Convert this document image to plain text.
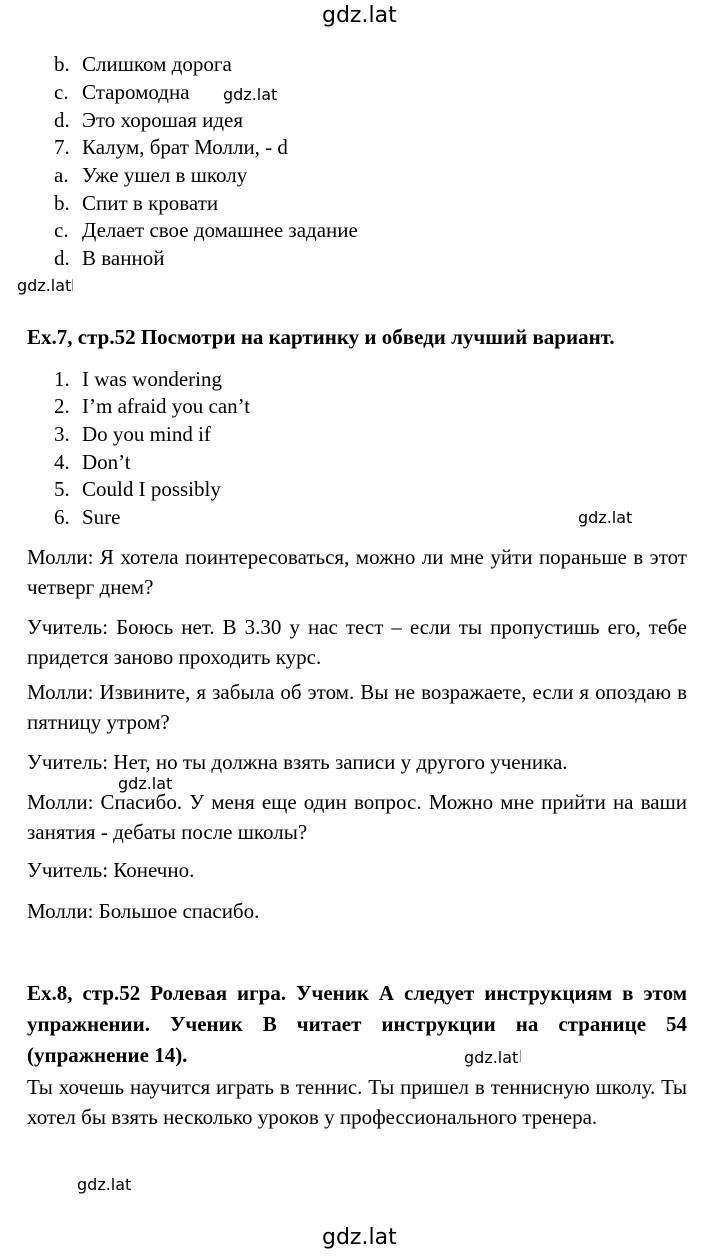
gdz.lat
b. Слишком дорога
c. Старомодна
d. Это хорошая идея
7. Калум, брат Молли, - d
a. Уже ушел в школу
b. Спит в кровати
c. Делает свое домашнее задание
d. В ванной
gdz.lat
gdz.lat
Ex.7, стр.52 Посмотри на картинку и обведи лучший вариант.
1. I was wondering
2. I’m afraid you can’t
3. Do you mind if
4. Don’t
5. Could I possibly
6. Sure	gdz.lat
Молли: Я хотела поинтересоваться, можно ли мне уйти пораньше в этот четверг днем?
Учитель: Боюсь нет. В 3.30 у нас тест – если ты пропустишь его, тебе придется заново проходить курс.
Молли: Извините, я забыла об этом. Вы не возражаете, если я опоздаю в пятницу утром?
Учитель: Нет, но ты должна взять записи у другого ученика.
gdz.lat
Молли: Спасибо. У меня еще один вопрос. Можно мне прийти на ваши занятия - дебаты после школы?
Учитель: Конечно.
Молли: Большое спасибо.
Ex.8, стр.52 Ролевая игра. Ученик А следует инструкциям в этом упражнении. Ученик В читает инструкции на странице 54 (упражнение 14).	gdz.lat
Ты хочешь научится играть в теннис. Ты пришел в теннисную школу. Ты хотел бы взять несколько уроков у профессионального тренера.
gdz.lat
gdz.lat
